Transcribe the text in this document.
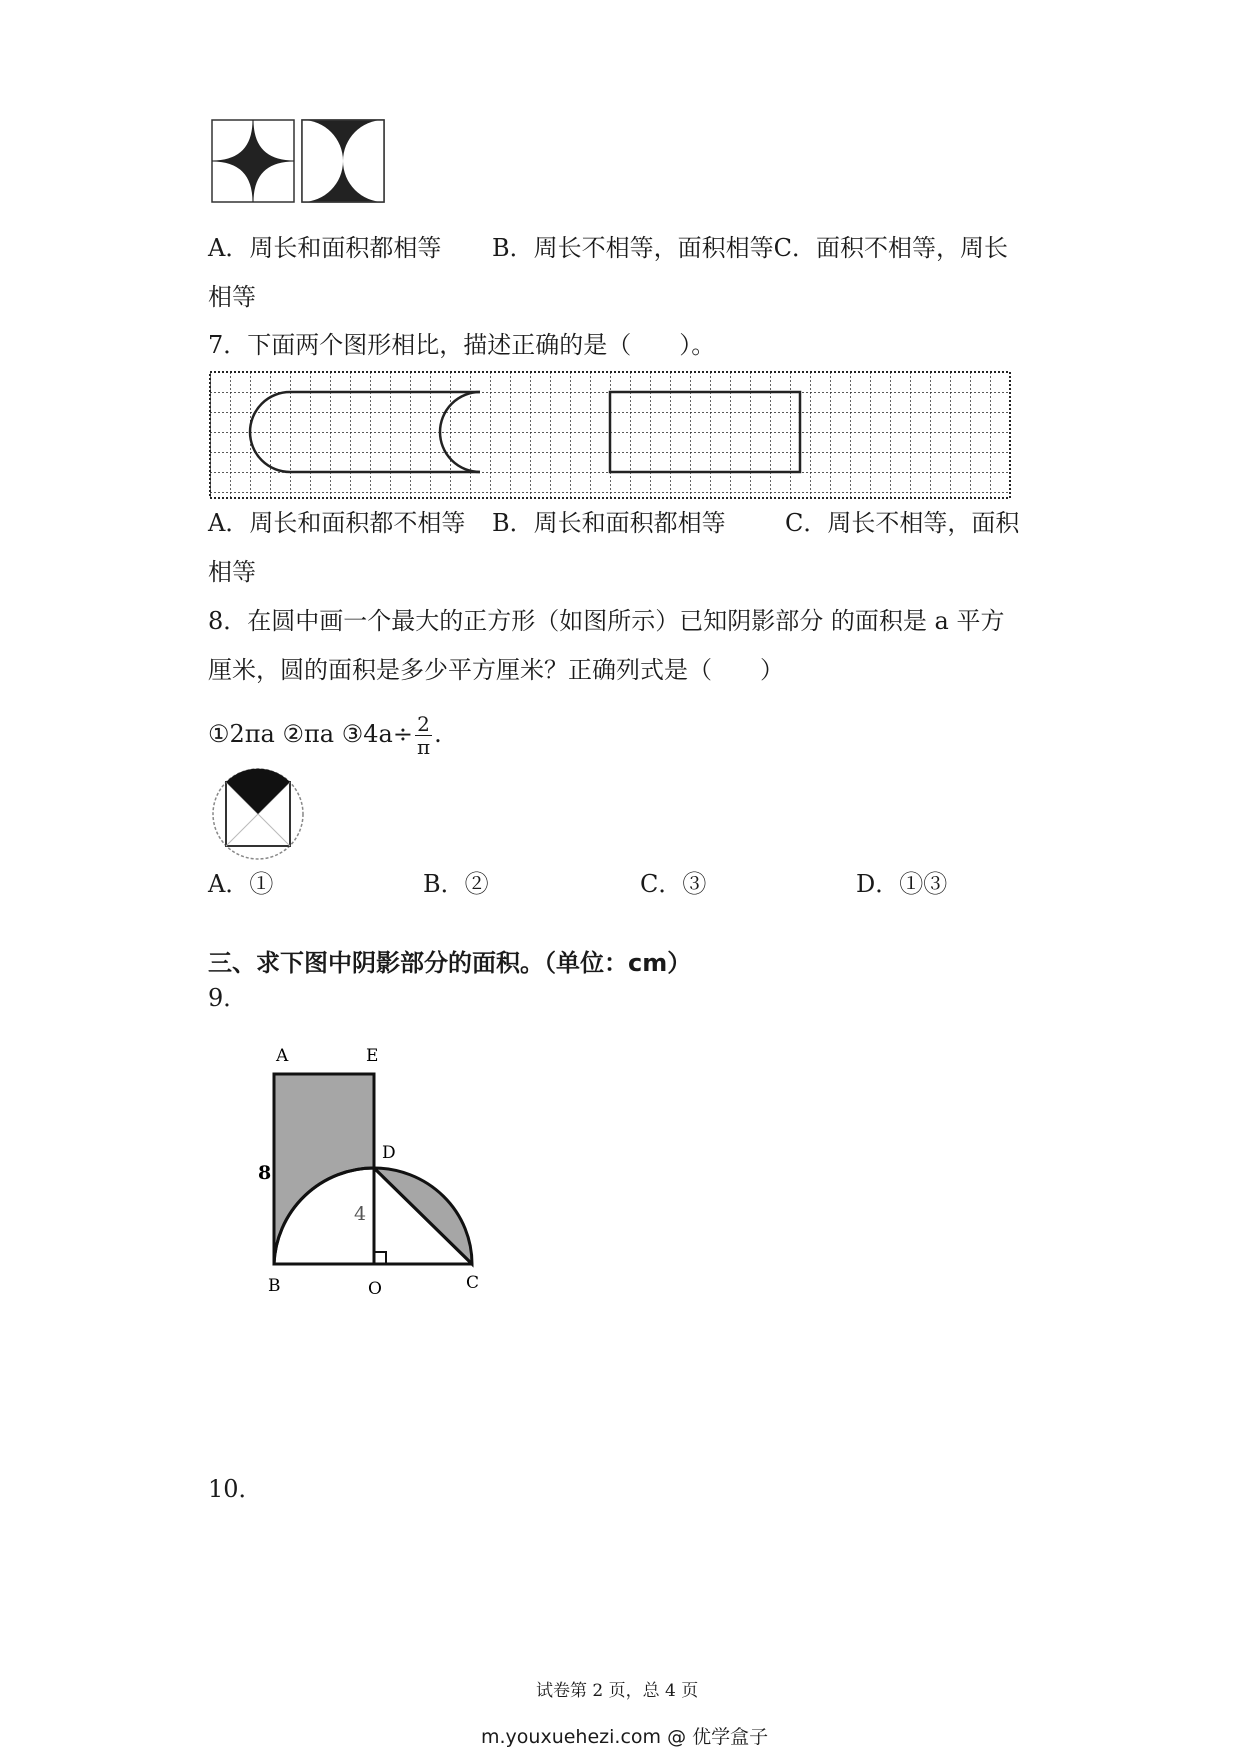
A．周长和面积都相等 B．周长不相等，面积相等C．面积不相等，周长
相等
7．下面两个图形相比，描述正确的是（　　）。
A．周长和面积都不相等 B．周长和面积都相等 C．周长不相等，面积
相等
8．在圆中画一个最大的正方形（如图所示）已知阴影部分 的面积是 a 平方
厘米，圆的面积是多少平方厘米？正确列式是（　　）
①2πa ②πa ③4a÷ $\frac{2}{\pi}$ .
A．①	B．②	C．③	D．①③
三、求下图中阴影部分的面积。（单位：cm）
9．
A	E
D
8
4
B	O	C
10．
试卷第 2 页，总 4 页
m.youxuehezi.com @ 优学盒子
